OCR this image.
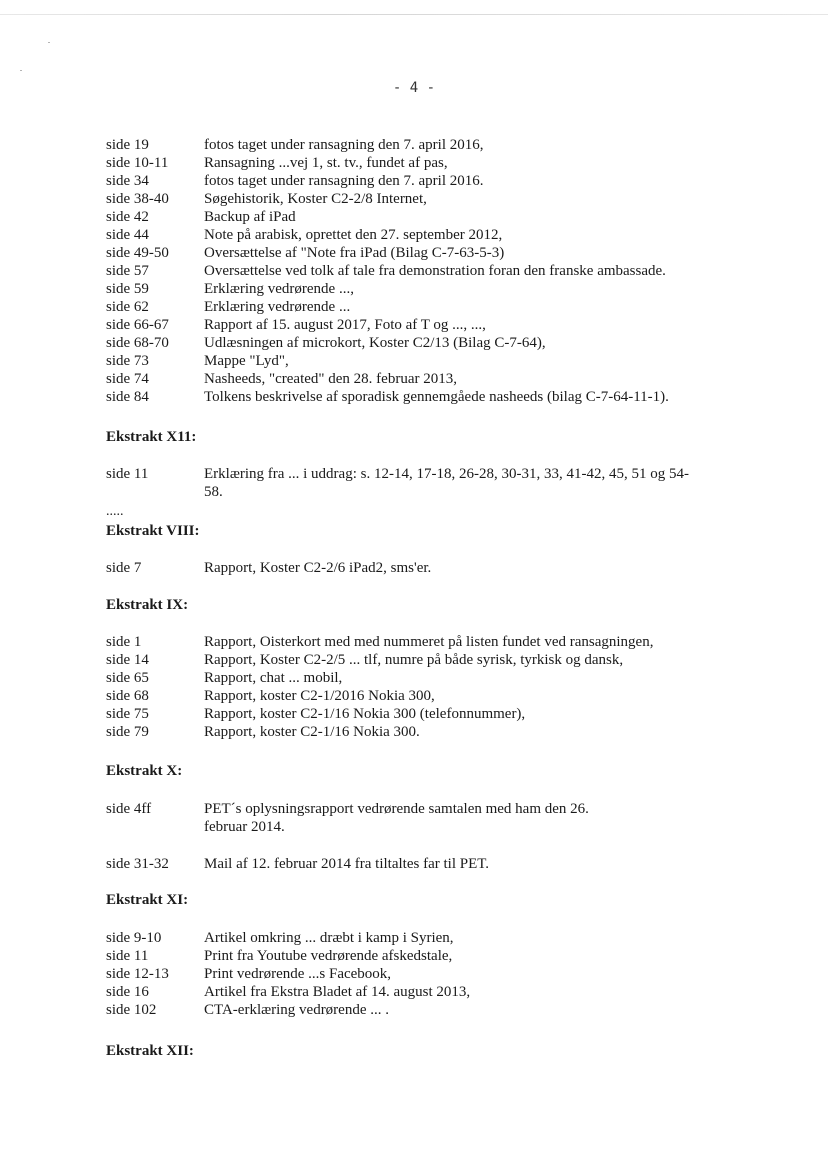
- 4 -
side 19	fotos taget under ransagning den 7. april 2016,
side 10-11 Ransagning ...vej 1, st. tv., fundet af pas,
side 34	fotos taget under ransagning den 7. april 2016.
side 38-40 Søgehistorik, Koster C2-2/8 Internet,
side 42	Backup af iPad
side 44	Note på arabisk, oprettet den 27. september 2012,
side 49-50 Oversættelse af "Note fra iPad (Bilag C-7-63-5-3)
side 57	Oversættelse ved tolk af tale fra demonstration foran den franske ambassade.
side 59	Erklæring vedrørende ...,
side 62	Erklæring vedrørende ...
side 66-67 Rapport af 15. august 2017, Foto af T og ..., ...,
side 68-70 Udlæsningen af microkort, Koster C2/13 (Bilag C-7-64),
side 73	Mappe "Lyd",
side 74	Nasheeds, "created" den 28. februar 2013,
side 84	Tolkens beskrivelse af sporadisk gennemgåede nasheeds (bilag C-7-64-11-1).
Ekstrakt X11:
side 11	Erklæring fra ... i uddrag: s. 12-14, 17-18, 26-28, 30-31, 33, 41-42, 45, 51 og 54-58.
.....
Ekstrakt VIII:
side 7	Rapport, Koster C2-2/6 iPad2, sms'er.
Ekstrakt IX:
side 1	Rapport, Oisterkort med med nummeret på listen fundet ved ransagningen,
side 14	Rapport, Koster C2-2/5 ... tlf, numre på både syrisk, tyrkisk og dansk,
side 65	Rapport, chat ... mobil,
side 68	Rapport, koster C2-1/2016 Nokia 300,
side 75	Rapport, koster C2-1/16 Nokia 300 (telefonnummer),
side 79	Rapport, koster C2-1/16 Nokia 300.
Ekstrakt X:
side 4ff	PET´s oplysningsrapport vedrørende samtalen med ham den 26. februar 2014.
side 31-32 Mail af 12. februar 2014 fra tiltaltes far til PET.
Ekstrakt XI:
side 9-10	Artikel omkring ... dræbt i kamp i Syrien,
side 11	Print fra Youtube vedrørende afskedstale,
side 12-13 Print vedrørende ...s Facebook,
side 16	Artikel fra Ekstra Bladet af 14. august 2013,
side 102	CTA-erklæring vedrørende ... .
Ekstrakt XII:
